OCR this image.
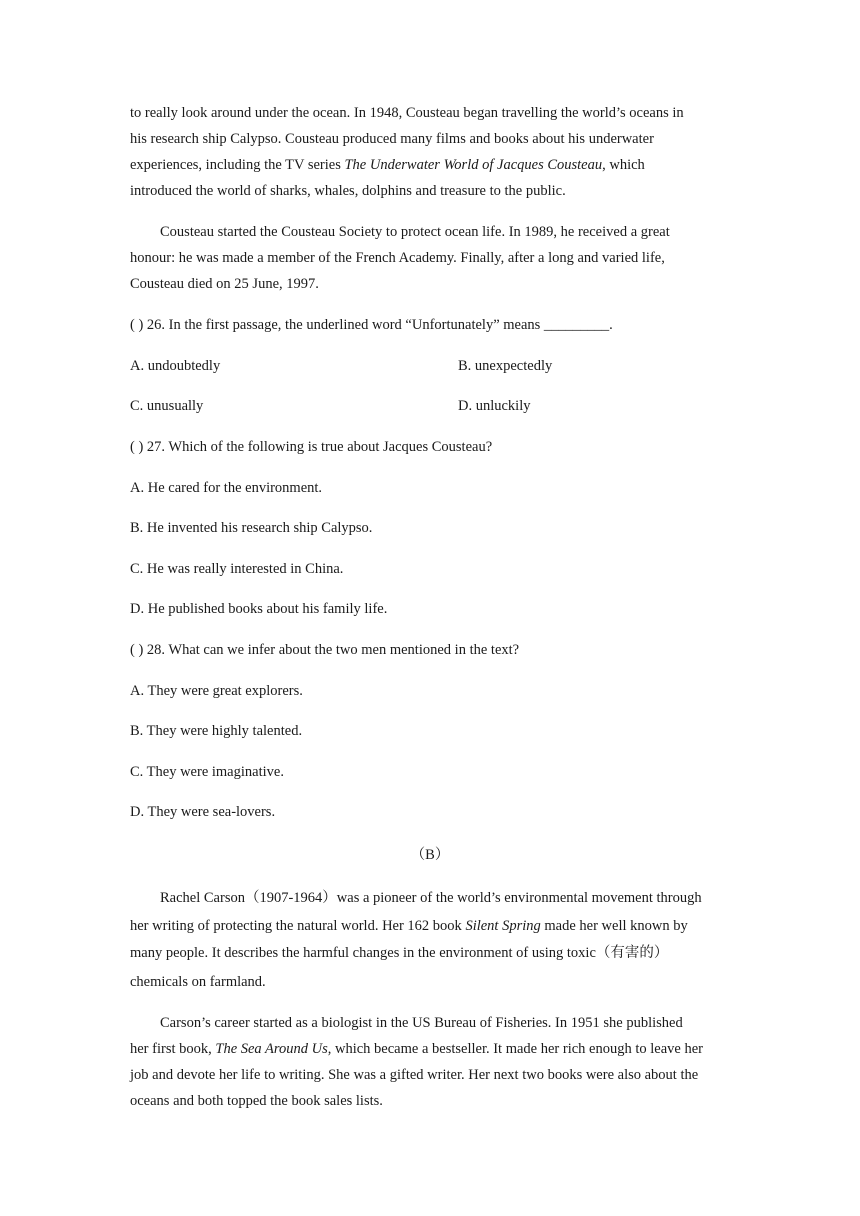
to really look around under the ocean. In 1948, Cousteau began travelling the world’s oceans in
his research ship Calypso. Cousteau produced many films and books about his underwater
experiences, including the TV series The Underwater World of Jacques Cousteau, which
introduced the world of sharks, whales, dolphins and treasure to the public.
Cousteau started the Cousteau Society to protect ocean life. In 1989, he received a great
honour: he was made a member of the French Academy. Finally, after a long and varied life,
Cousteau died on 25 June, 1997.
( ) 26. In the first passage, the underlined word “Unfortunately” means _________.
A. undoubtedly	B. unexpectedly
C. unusually	D. unluckily
( ) 27. Which of the following is true about Jacques Cousteau?
A. He cared for the environment.
B. He invented his research ship Calypso.
C. He was really interested in China.
D. He published books about his family life.
( ) 28. What can we infer about the two men mentioned in the text?
A. They were great explorers.
B. They were highly talented.
C. They were imaginative.
D. They were sea-lovers.
（B）
Rachel Carson（1907-1964）was a pioneer of the world’s environmental movement through
her writing of protecting the natural world. Her 162 book Silent Spring made her well known by
many people. It describes the harmful changes in the environment of using toxic（有害的）
chemicals on farmland.
Carson’s career started as a biologist in the US Bureau of Fisheries. In 1951 she published
her first book, The Sea Around Us, which became a bestseller. It made her rich enough to leave her
job and devote her life to writing. She was a gifted writer. Her next two books were also about the
oceans and both topped the book sales lists.
